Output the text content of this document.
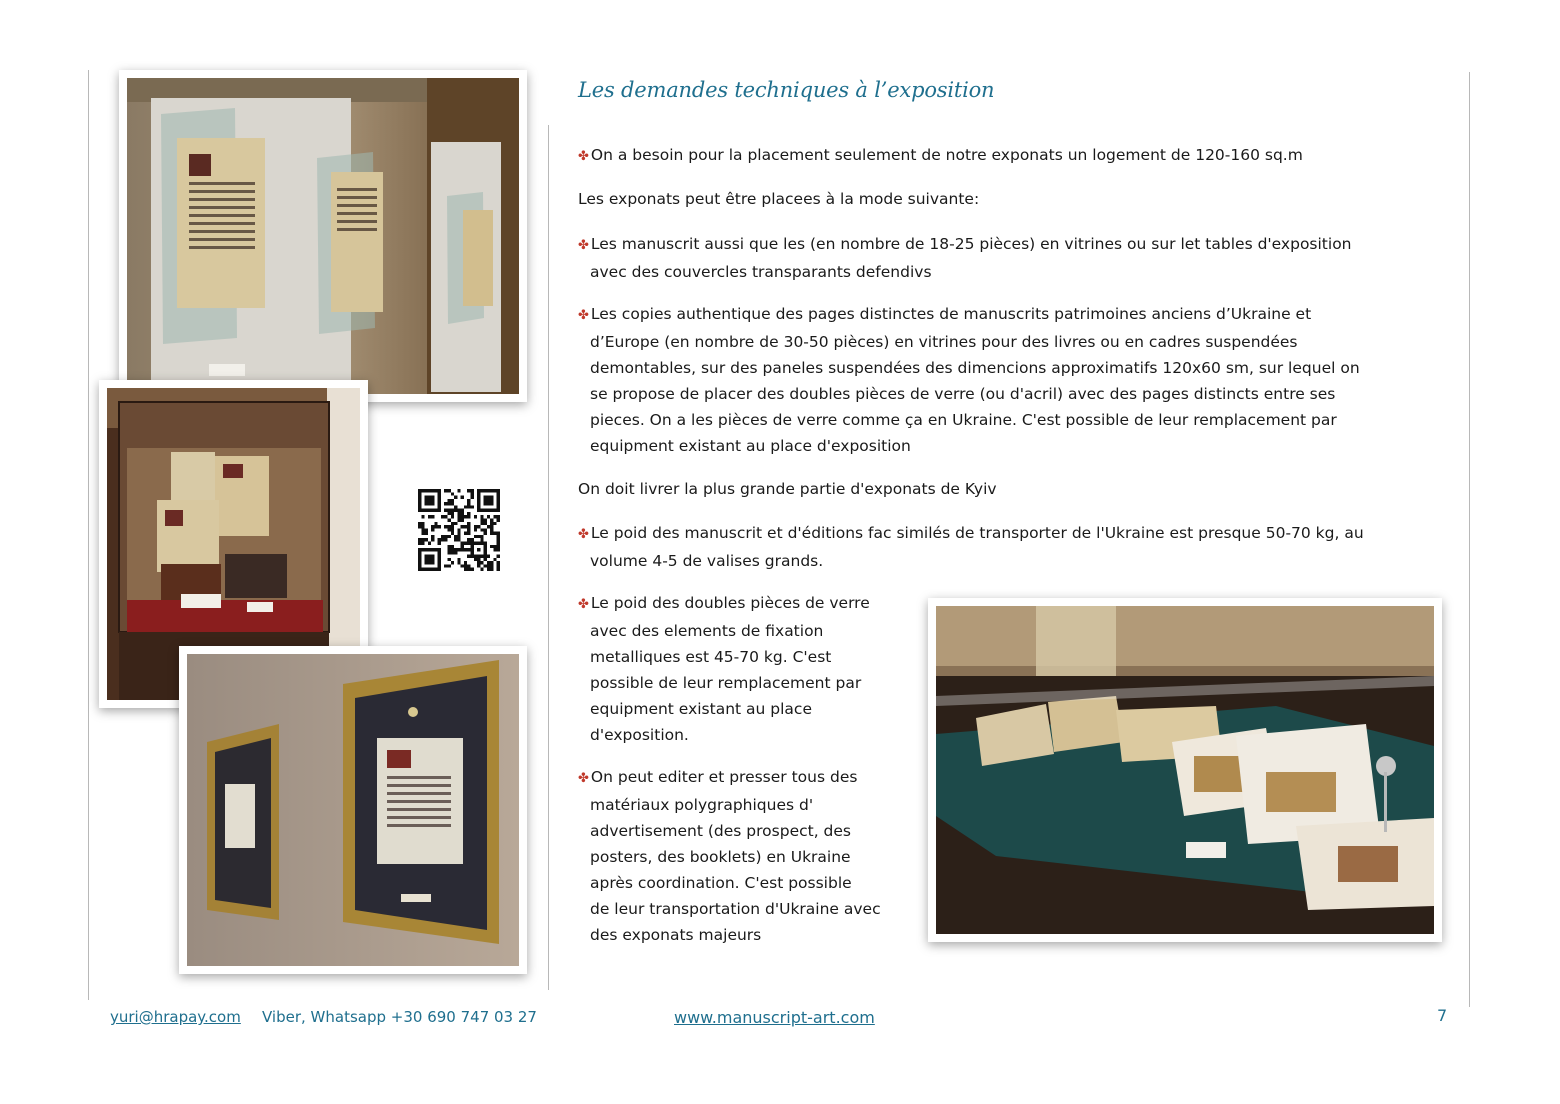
Les demandes techniques à l’exposition

✤ On a besoin pour la placement seulement de notre exponats un logement de 120-160 sq.m

Les exponats peut être placees à la mode suivante:

✤ Les manuscrit aussi que les (en nombre de 18-25 pièces) en vitrines ou sur let tables d'exposition
avec des couvercles transparants defendivs

✤ Les copies authentique des pages distinctes de manuscrits patrimoines anciens d’Ukraine et
d’Europe (en nombre de 30-50 pièces) en vitrines pour des livres ou en cadres suspendées
demontables, sur des paneles suspendées des dimencions approximatifs 120x60 sm, sur lequel on
se propose de placer des doubles pièces de verre (ou d'acril) avec des pages distincts entre ses
pieces. On a les pièces de verre comme ça en Ukraine. C'est possible de leur remplacement par
equipment existant au place d'exposition

On doit livrer la plus grande partie d'exponats de Kyiv

✤ Le poid des manuscrit et d'éditions fac similés de transporter de l'Ukraine est presque 50-70 kg, au
volume 4-5 de valises grands.

✤ Le poid des doubles pièces de verre
avec des elements de fixation
metalliques est 45-70 kg. C'est
possible de leur remplacement par
equipment existant au place
d'exposition.

✤ On peut editer et presser tous des
matériaux polygraphiques d'
advertisement (des prospect, des
posters, des booklets) en Ukraine
après coordination. C'est possible
de leur transportation d'Ukraine avec
des exponats majeurs

yuri@hrapay.com Viber, Whatsapp +30 690 747 03 27	www.manuscript-art.com	7
